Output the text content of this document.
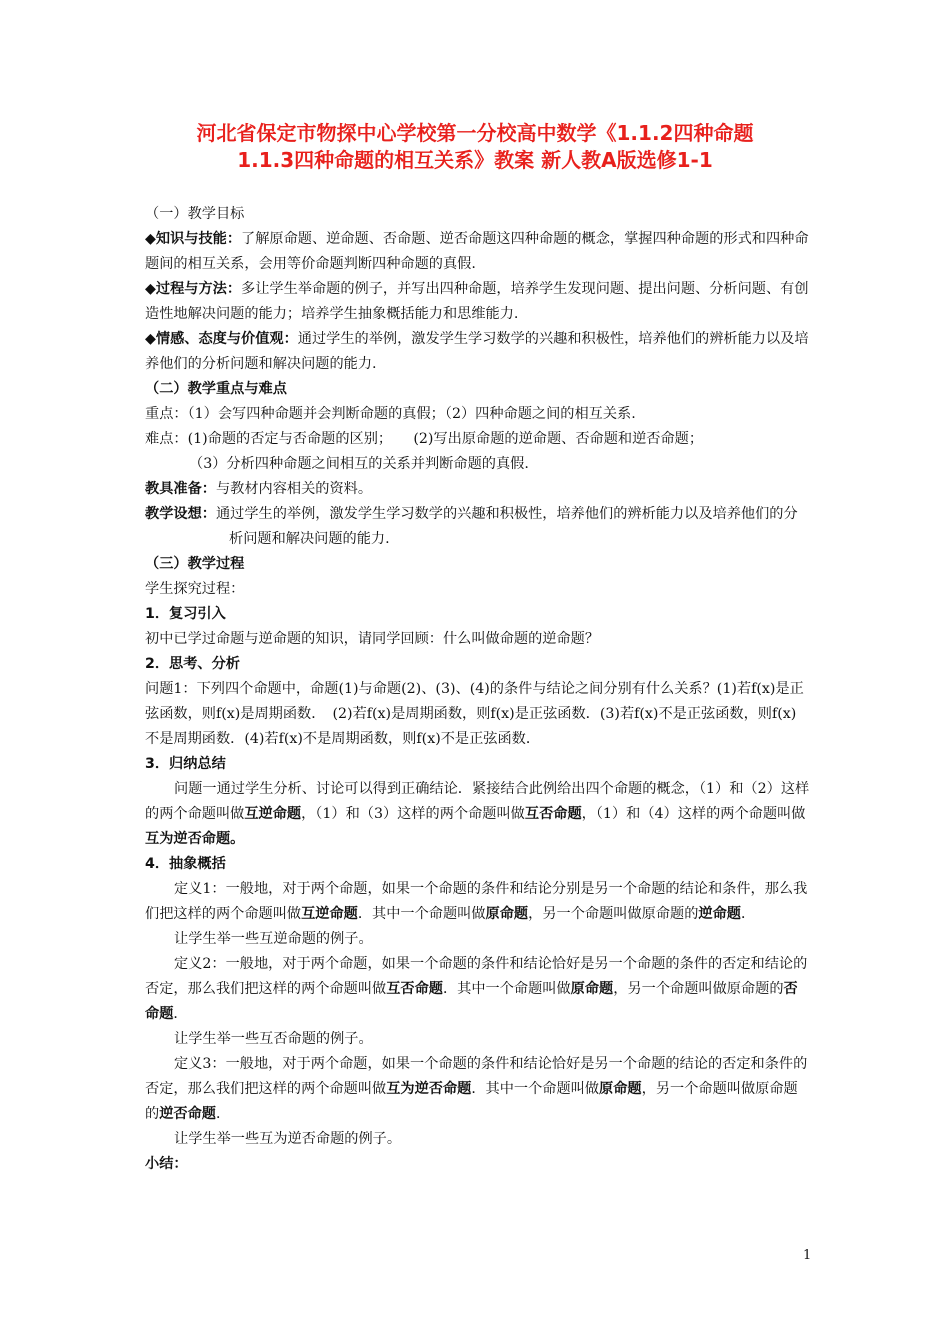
河北省保定市物探中心学校第一分校高中数学《1.1.2四种命题
1.1.3四种命题的相互关系》教案 新人教A版选修1-1

（一）教学目标

◆知识与技能：了解原命题、逆命题、否命题、逆否命题这四种命题的概念，掌握四种命题的形式和四种命题间的相互关系，会用等价命题判断四种命题的真假.

◆过程与方法：多让学生举命题的例子，并写出四种命题，培养学生发现问题、提出问题、分析问题、有创造性地解决问题的能力；培养学生抽象概括能力和思维能力.

◆情感、态度与价值观：通过学生的举例，激发学生学习数学的兴趣和积极性，培养他们的辨析能力以及培养他们的分析问题和解决问题的能力.

（二）教学重点与难点

重点：（1）会写四种命题并会判断命题的真假；（2）四种命题之间的相互关系.

难点：(1)命题的否定与否命题的区别；　　(2)写出原命题的逆命题、否命题和逆否命题；

（3）分析四种命题之间相互的关系并判断命题的真假.

教具准备：与教材内容相关的资料。

教学设想：通过学生的举例，激发学生学习数学的兴趣和积极性，培养他们的辨析能力以及培养他们的分析问题和解决问题的能力.

（三）教学过程

学生探究过程：

1．复习引入

初中已学过命题与逆命题的知识，请同学回顾：什么叫做命题的逆命题？

2．思考、分析

问题1：下列四个命题中，命题(1)与命题(2)、(3)、(4)的条件与结论之间分别有什么关系？(1)若f(x)是正弦函数，则f(x)是周期函数．　(2)若f(x)是周期函数，则f(x)是正弦函数．(3)若f(x)不是正弦函数，则f(x)不是周期函数．(4)若f(x)不是周期函数，则f(x)不是正弦函数．

3．归纳总结

问题一通过学生分析、讨论可以得到正确结论．紧接结合此例给出四个命题的概念，（1）和（2）这样的两个命题叫做互逆命题，（1）和（3）这样的两个命题叫做互否命题，（1）和（4）这样的两个命题叫做互为逆否命题。

4．抽象概括

定义1：一般地，对于两个命题，如果一个命题的条件和结论分别是另一个命题的结论和条件，那么我们把这样的两个命题叫做互逆命题．其中一个命题叫做原命题，另一个命题叫做原命题的逆命题．

让学生举一些互逆命题的例子。

定义2：一般地，对于两个命题，如果一个命题的条件和结论恰好是另一个命题的条件的否定和结论的否定，那么我们把这样的两个命题叫做互否命题．其中一个命题叫做原命题，另一个命题叫做原命题的否命题．

让学生举一些互否命题的例子。

定义3：一般地，对于两个命题，如果一个命题的条件和结论恰好是另一个命题的结论的否定和条件的否定，那么我们把这样的两个命题叫做互为逆否命题．其中一个命题叫做原命题，另一个命题叫做原命题的逆否命题．

让学生举一些互为逆否命题的例子。

小结：

1
